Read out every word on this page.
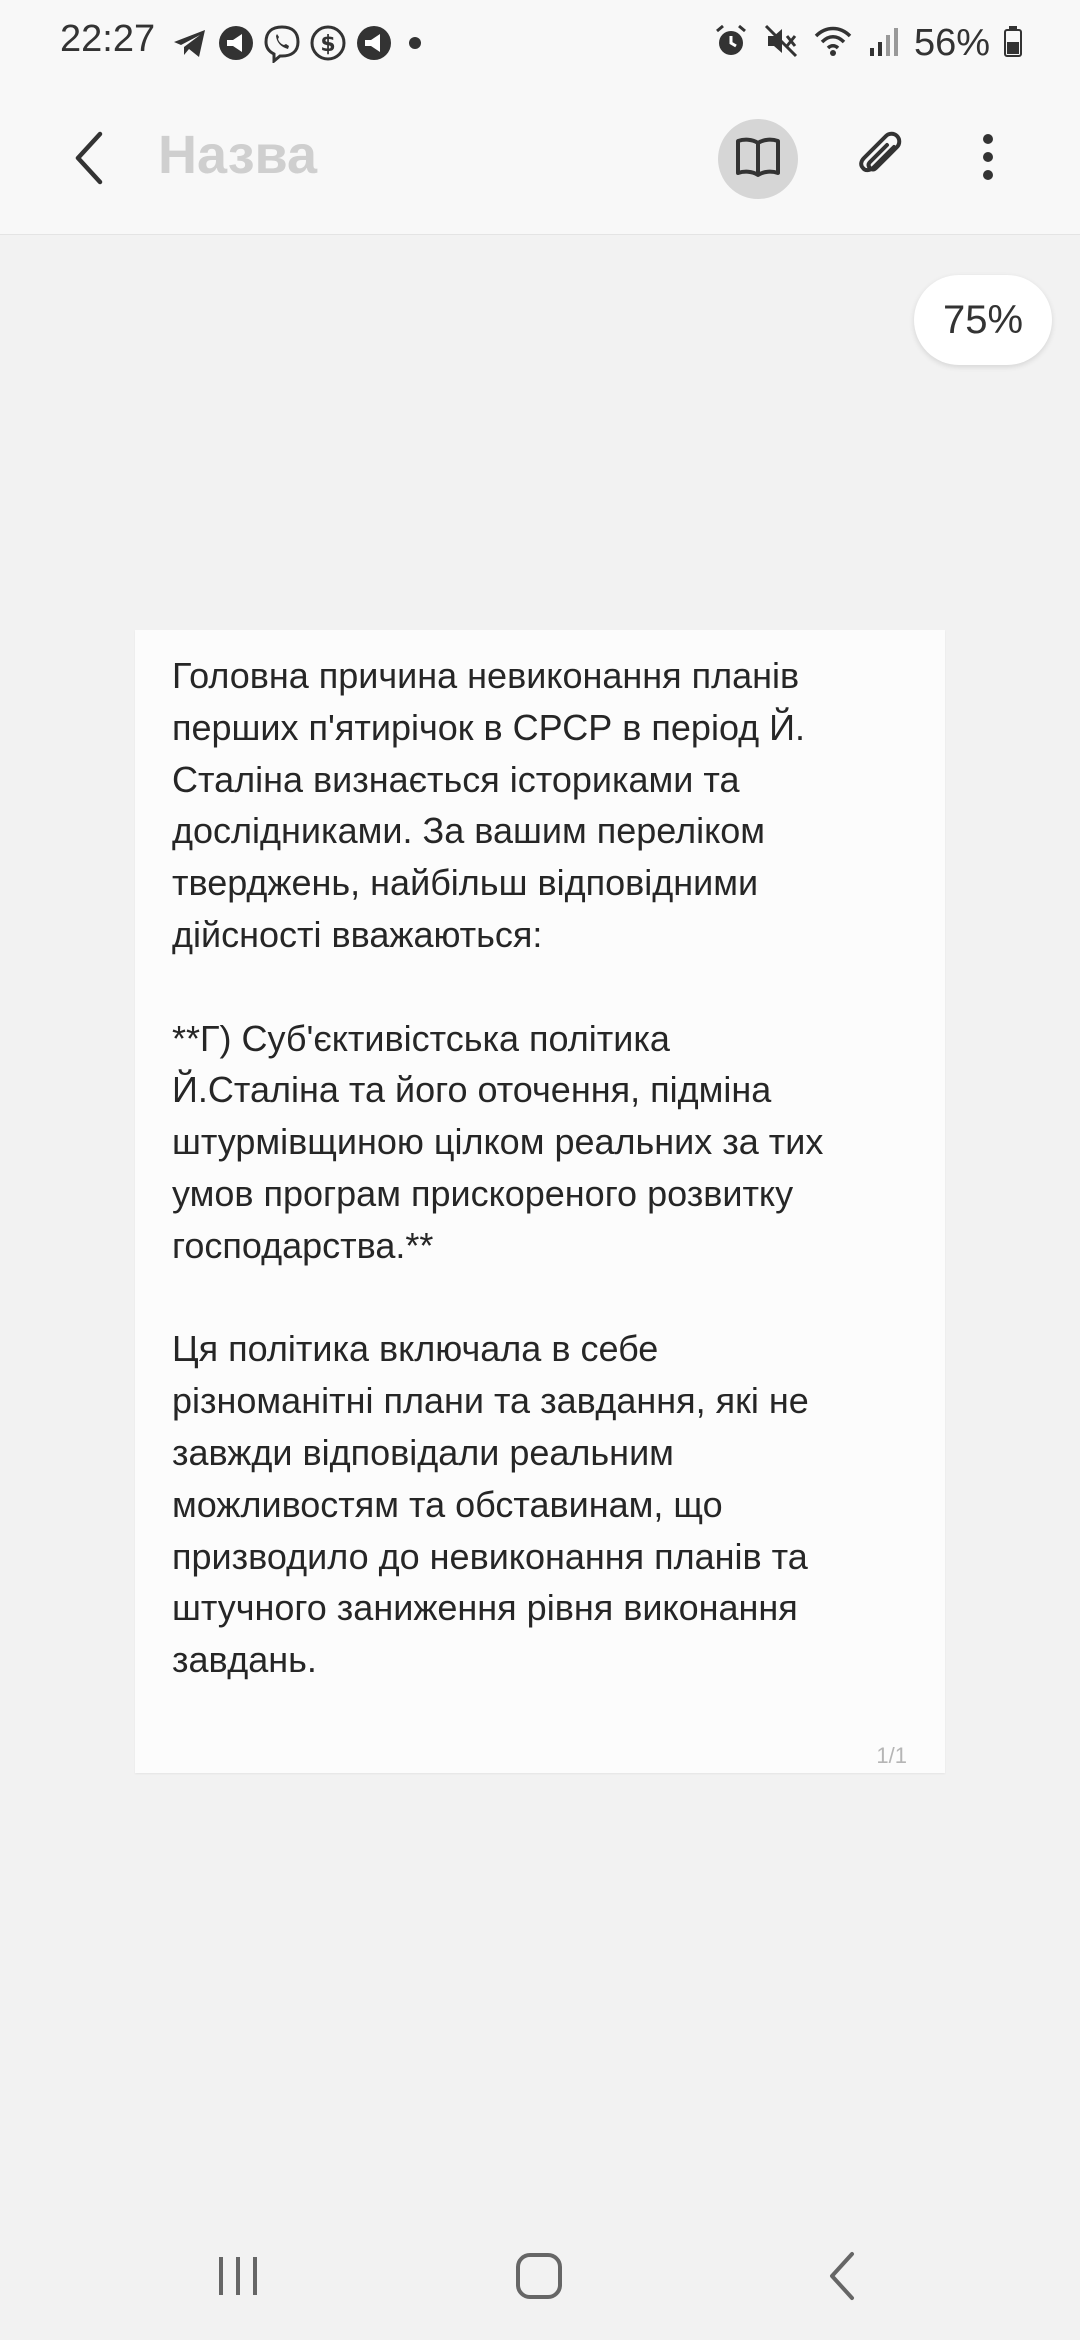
22:27	$	56%
Назва
75%

Головна причина невиконання планів
перших п'ятирічок в СРСР в період Й.
Сталіна визнається істориками та
дослідниками. За вашим переліком
тверджень, найбільш відповідними
дійсності вважаються:

**Г) Суб'єктивістська політика
Й.Сталіна та його оточення, підміна
штурмівщиною цілком реальних за тих
умов програм прискореного розвитку
господарства.**

Ця політика включала в себе
різноманітні плани та завдання, які не
завжди відповідали реальним
можливостям та обставинам, що
призводило до невиконання планів та
штучного заниження рівня виконання
завдань.

1/1
